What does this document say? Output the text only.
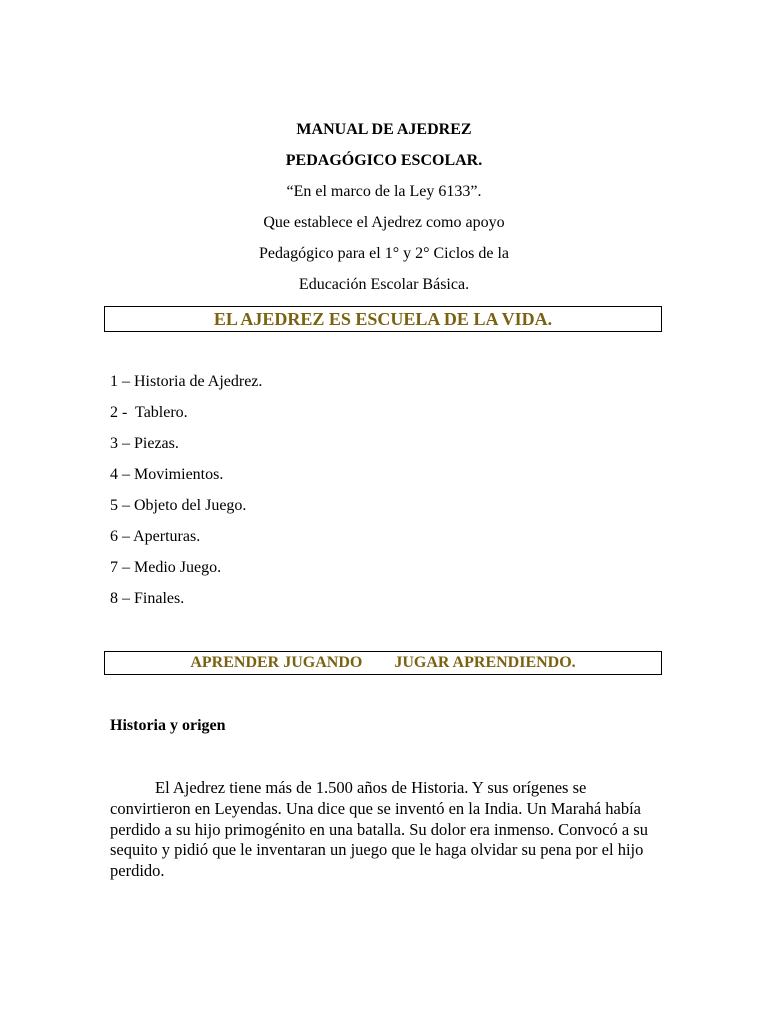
MANUAL DE AJEDREZ
PEDAGÓGICO ESCOLAR.
“En el marco de la Ley 6133”.
Que establece el Ajedrez como apoyo
Pedagógico para el 1° y 2° Ciclos de la
Educación Escolar Básica.
EL AJEDREZ ES ESCUELA DE LA VIDA.
1 – Historia de Ajedrez.
2 -  Tablero.
3 – Piezas.
4 – Movimientos.
5 – Objeto del Juego.
6 – Aperturas.
7 – Medio Juego.
8 – Finales.
APRENDER JUGANDO JUGAR APRENDIENDO.
Historia y origen

El Ajedrez tiene más de 1.500 años de Historia. Y sus orígenes se convirtieron en Leyendas. Una dice que se inventó en la India. Un Marahá había perdido a su hijo primogénito en una batalla. Su dolor era inmenso. Convocó a su sequito y pidió que le inventaran un juego que le haga olvidar su pena por el hijo perdido.
